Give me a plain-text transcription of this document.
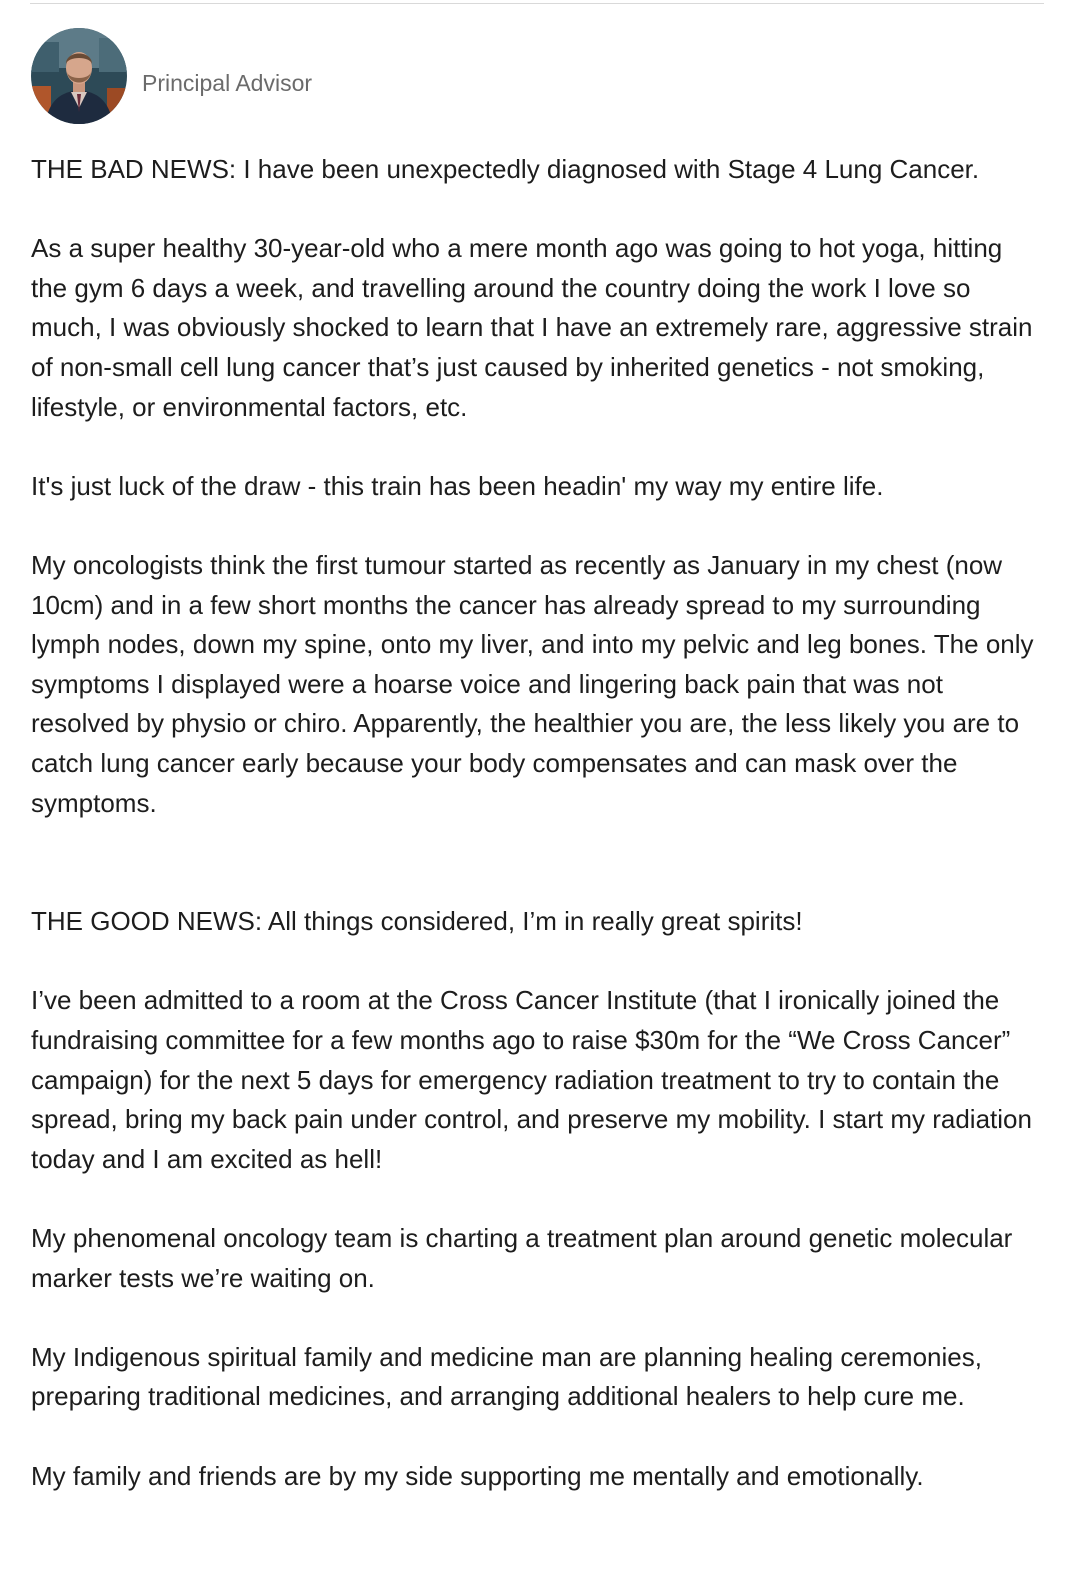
Principal Advisor

THE BAD NEWS: I have been unexpectedly diagnosed with Stage 4 Lung Cancer.

As a super healthy 30-year-old who a mere month ago was going to hot yoga, hitting the gym 6 days a week, and travelling around the country doing the work I love so much, I was obviously shocked to learn that I have an extremely rare, aggressive strain of non-small cell lung cancer that’s just caused by inherited genetics - not smoking, lifestyle, or environmental factors, etc.

It's just luck of the draw - this train has been headin' my way my entire life.

My oncologists think the first tumour started as recently as January in my chest (now 10cm) and in a few short months the cancer has already spread to my surrounding lymph nodes, down my spine, onto my liver, and into my pelvic and leg bones. The only symptoms I displayed were a hoarse voice and lingering back pain that was not resolved by physio or chiro. Apparently, the healthier you are, the less likely you are to catch lung cancer early because your body compensates and can mask over the symptoms.

THE GOOD NEWS: All things considered, I’m in really great spirits!

I’ve been admitted to a room at the Cross Cancer Institute (that I ironically joined the fundraising committee for a few months ago to raise $30m for the “We Cross Cancer” campaign) for the next 5 days for emergency radiation treatment to try to contain the spread, bring my back pain under control, and preserve my mobility. I start my radiation today and I am excited as hell!

My phenomenal oncology team is charting a treatment plan around genetic molecular marker tests we’re waiting on.

My Indigenous spiritual family and medicine man are planning healing ceremonies, preparing traditional medicines, and arranging additional healers to help cure me.

My family and friends are by my side supporting me mentally and emotionally.
